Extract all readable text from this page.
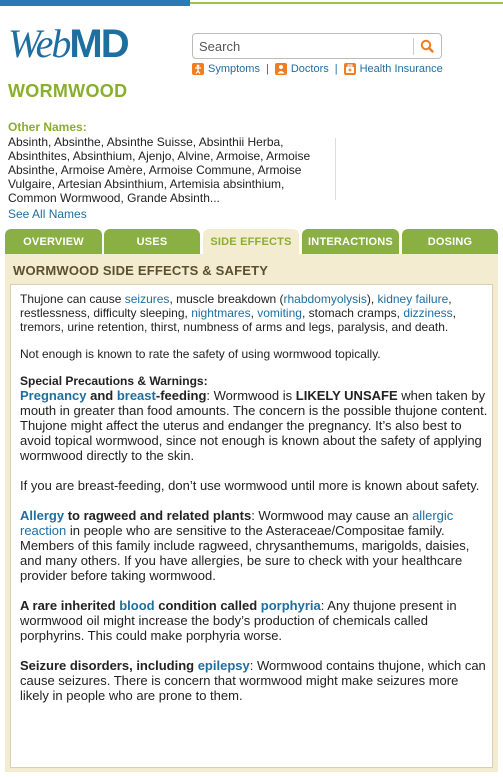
WebMD
Search
Symptoms | Doctors | Health Insurance
WORMWOOD
Other Names:
Absinth, Absinthe, Absinthe Suisse, Absinthii Herba, Absinthites, Absinthium, Ajenjo, Alvine, Armoise, Armoise Absinthe, Armoise Amère, Armoise Commune, Armoise Vulgaire, Artesian Absinthium, Artemisia absinthium, Common Wormwood, Grande Absinth...
See All Names
OVERVIEW	USES	SIDE EFFECTS	INTERACTIONS	DOSING
WORMWOOD SIDE EFFECTS & SAFETY

Thujone can cause seizures, muscle breakdown (rhabdomyolysis), kidney failure, restlessness, difficulty sleeping, nightmares, vomiting, stomach cramps, dizziness, tremors, urine retention, thirst, numbness of arms and legs, paralysis, and death.

Not enough is known to rate the safety of using wormwood topically.

Special Precautions & Warnings:

Pregnancy and breast-feeding: Wormwood is LIKELY UNSAFE when taken by mouth in greater than food amounts. The concern is the possible thujone content. Thujone might affect the uterus and endanger the pregnancy. It’s also best to avoid topical wormwood, since not enough is known about the safety of applying wormwood directly to the skin.

If you are breast-feeding, don’t use wormwood until more is known about safety.

Allergy to ragweed and related plants: Wormwood may cause an allergic reaction in people who are sensitive to the Asteraceae/Compositae family. Members of this family include ragweed, chrysanthemums, marigolds, daisies, and many others. If you have allergies, be sure to check with your healthcare provider before taking wormwood.

A rare inherited blood condition called porphyria: Any thujone present in wormwood oil might increase the body’s production of chemicals called porphyrins. This could make porphyria worse.

Seizure disorders, including epilepsy: Wormwood contains thujone, which can cause seizures. There is concern that wormwood might make seizures more likely in people who are prone to them.
